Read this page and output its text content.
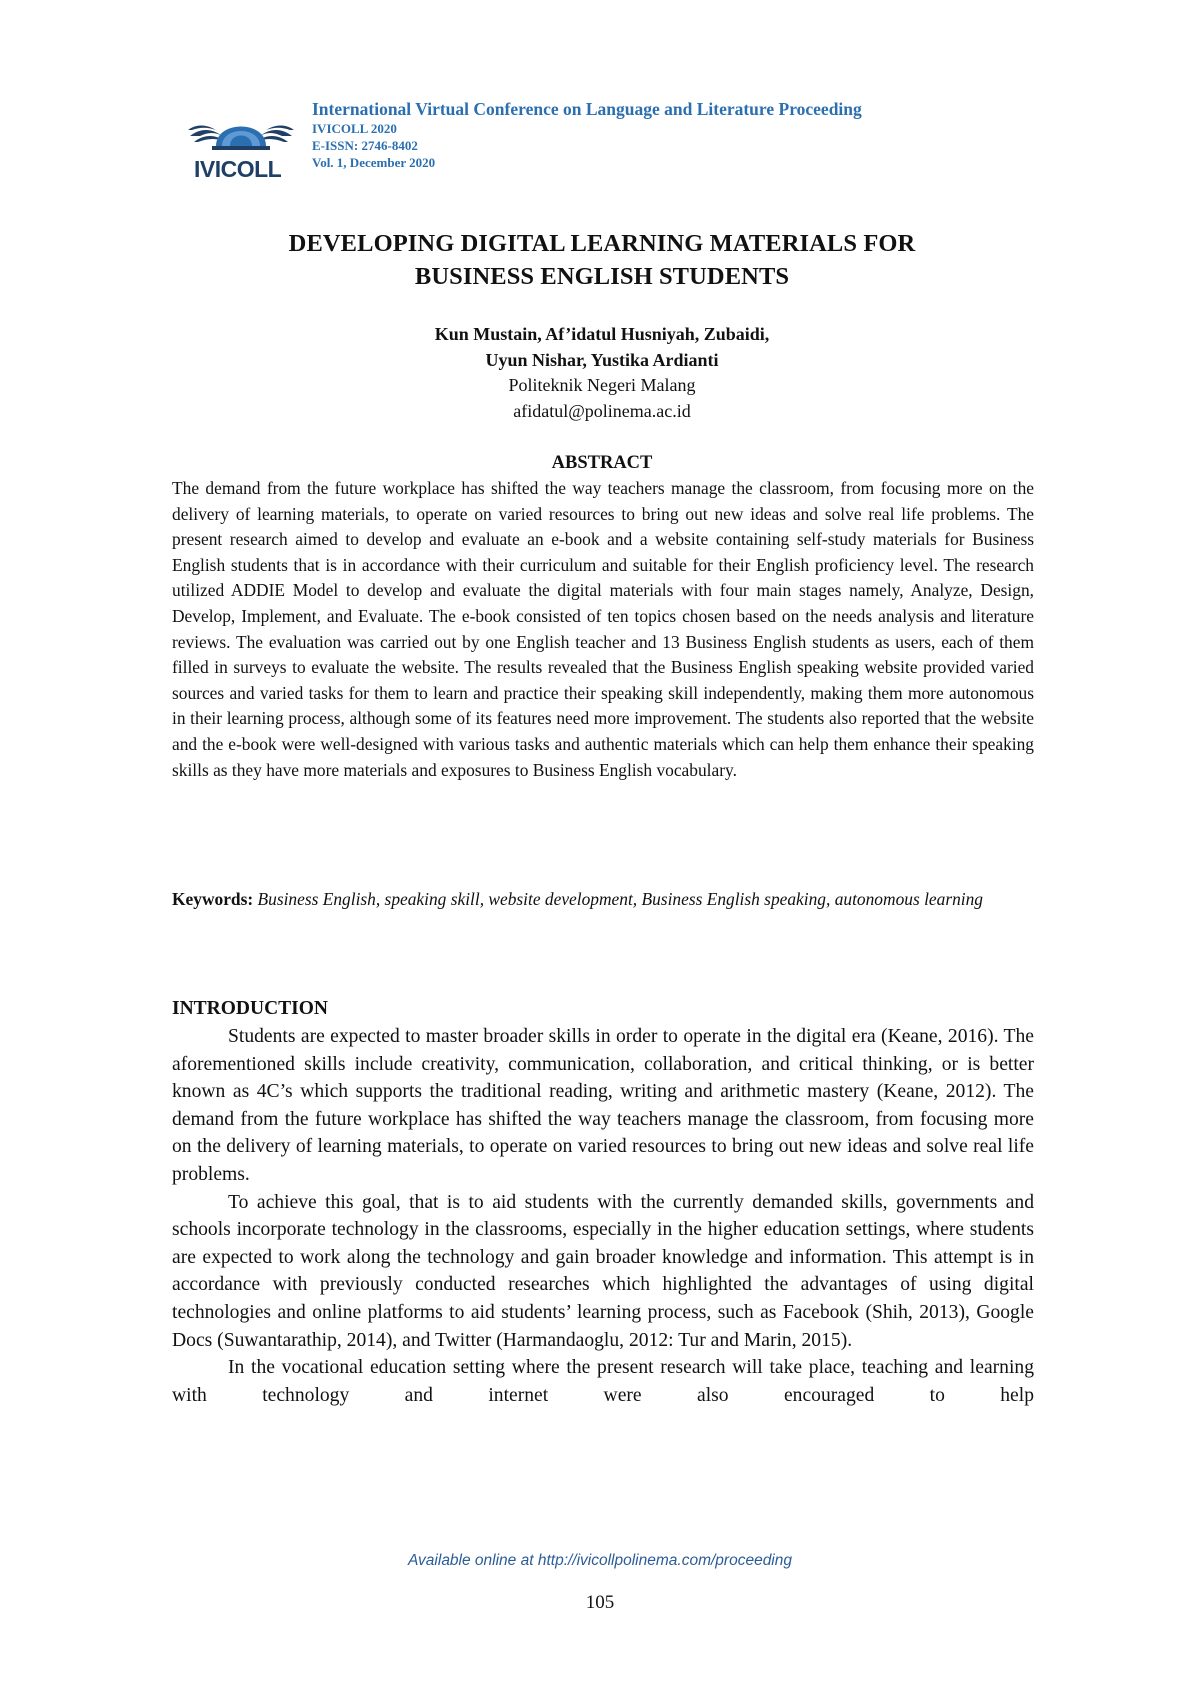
IVICOLL
International Virtual Conference on Language and Literature Proceeding
IVICOLL 2020
E-ISSN: 2746-8402
Vol. 1, December 2020
DEVELOPING DIGITAL LEARNING MATERIALS FOR
BUSINESS ENGLISH STUDENTS
Kun Mustain, Af’idatul Husniyah, Zubaidi,
Uyun Nishar, Yustika Ardianti
Politeknik Negeri Malang
afidatul@polinema.ac.id
ABSTRACT

The demand from the future workplace has shifted the way teachers manage the classroom, from focusing more on the delivery of learning materials, to operate on varied resources to bring out new ideas and solve real life problems. The present research aimed to develop and evaluate an e-book and a website containing self-study materials for Business English students that is in accordance with their curriculum and suitable for their English proficiency level. The research utilized ADDIE Model to develop and evaluate the digital materials with four main stages namely, Analyze, Design, Develop, Implement, and Evaluate. The e-book consisted of ten topics chosen based on the needs analysis and literature reviews. The evaluation was carried out by one English teacher and 13 Business English students as users, each of them filled in surveys to evaluate the website. The results revealed that the Business English speaking website provided varied sources and varied tasks for them to learn and practice their speaking skill independently, making them more autonomous in their learning process, although some of its features need more improvement. The students also reported that the website and the e-book were well-designed with various tasks and authentic materials which can help them enhance their speaking skills as they have more materials and exposures to Business English vocabulary.

Keywords: Business English, speaking skill, website development, Business English speaking, autonomous learning

INTRODUCTION

Students are expected to master broader skills in order to operate in the digital era (Keane, 2016). The aforementioned skills include creativity, communication, collaboration, and critical thinking, or is better known as 4C’s which supports the traditional reading, writing and arithmetic mastery (Keane, 2012). The demand from the future workplace has shifted the way teachers manage the classroom, from focusing more on the delivery of learning materials, to operate on varied resources to bring out new ideas and solve real life problems.

To achieve this goal, that is to aid students with the currently demanded skills, governments and schools incorporate technology in the classrooms, especially in the higher education settings, where students are expected to work along the technology and gain broader knowledge and information. This attempt is in accordance with previously conducted researches which highlighted the advantages of using digital technologies and online platforms to aid students’ learning process, such as Facebook (Shih, 2013), Google Docs (Suwantarathip, 2014), and Twitter (Harmandaoglu, 2012: Tur and Marin, 2015).

In the vocational education setting where the present research will take place, teaching and learning with technology and internet were also encouraged to help

Available online at http://ivicollpolinema.com/proceeding
105
